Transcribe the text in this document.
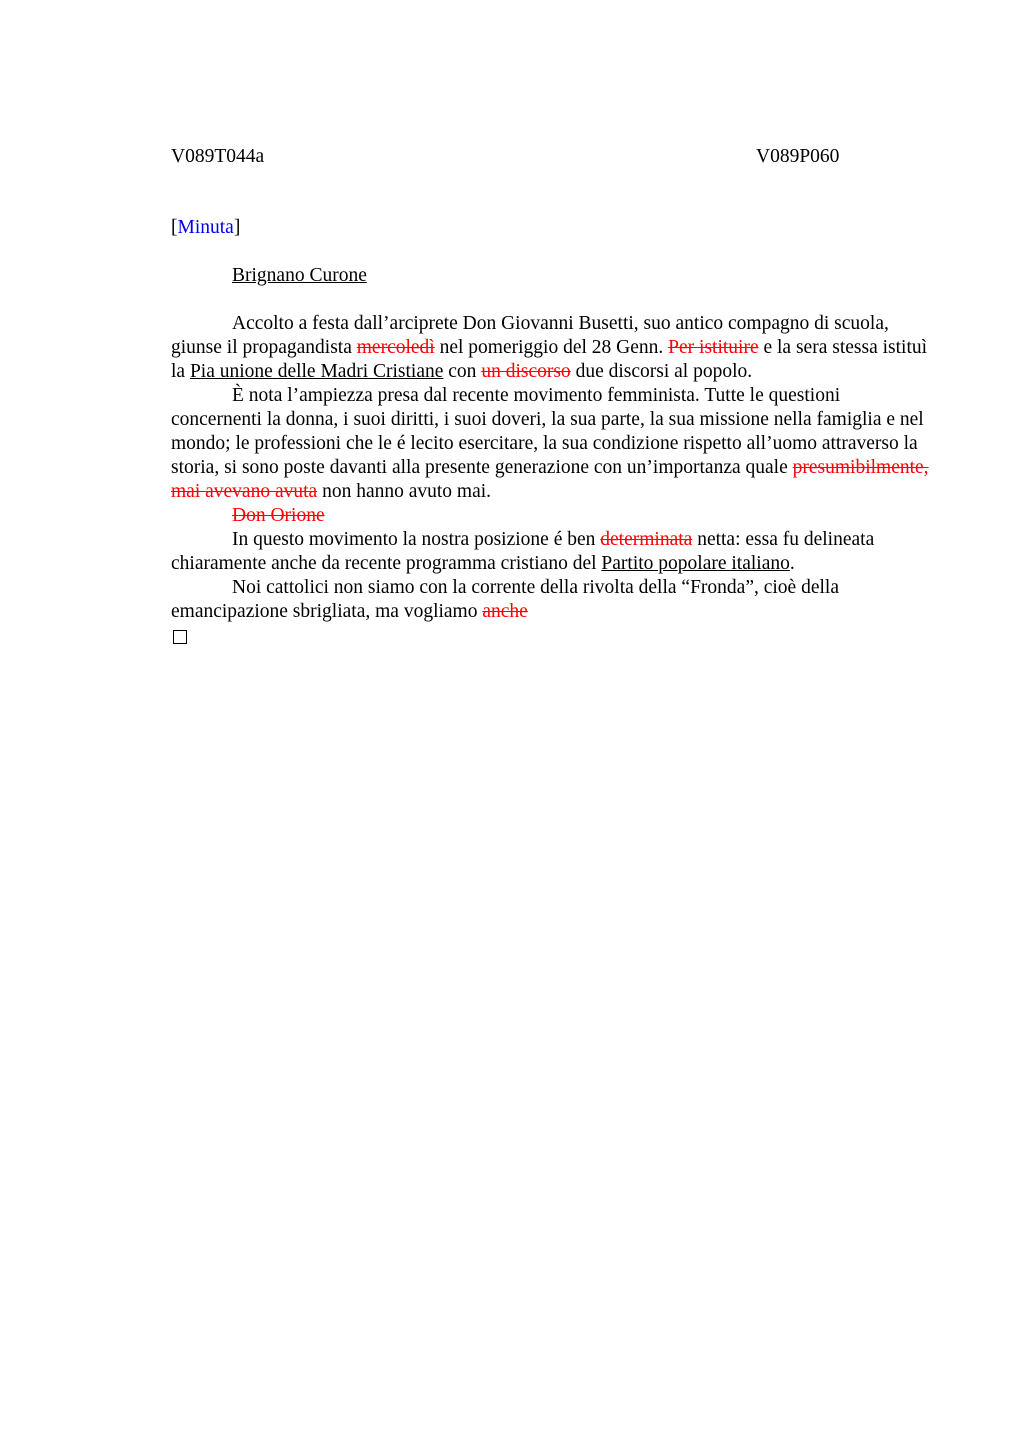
V089T044a	V089P060
[Minuta]
Brignano Curone

Accolto a festa dall’arciprete Don Giovanni Busetti, suo antico compagno di scuola, giunse il propagandista mercoledì nel pomeriggio del 28 Genn. Per istituire e la sera stessa istituì la Pia unione delle Madri Cristiane con un discorso due discorsi al popolo.

È nota l’ampiezza presa dal recente movimento femminista. Tutte le questioni concernenti la donna, i suoi diritti, i suoi doveri, la sua parte, la sua missione nella famiglia e nel mondo; le professioni che le é lecito esercitare, la sua condizione rispetto all’uomo attraverso la storia, si sono poste davanti alla presente generazione con un’importanza quale presumibilmente, mai avevano avuta non hanno avuto mai.

Don Orione

In questo movimento la nostra posizione é ben determinata netta: essa fu delineata chiaramente anche da recente programma cristiano del Partito popolare italiano.

Noi cattolici non siamo con la corrente della rivolta della “Fronda”, cioè della emancipazione sbrigliata, ma vogliamo anche
